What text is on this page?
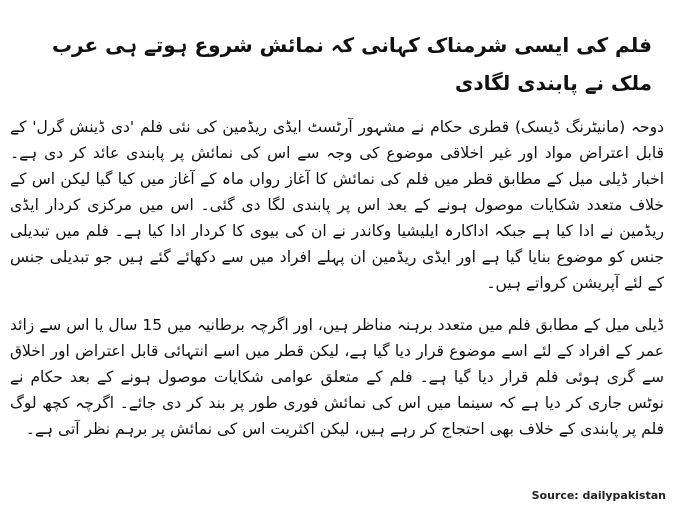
فلم کی ایسی شرمناک کہانی کہ نمائش شروع ہوتے ہی عرب ملک نے پابندی لگادی

دوحہ (مانیٹرنگ ڈیسک) قطری حکام نے مشہور آرٹسٹ ایڈی ریڈمین کی نئی فلم 'دی ڈینش گرل' کے قابل اعتراض مواد اور غیر اخلاقی موضوع کی وجہ سے اس کی نمائش پر پابندی عائد کر دی ہے۔ اخبار ڈیلی میل کے مطابق قطر میں فلم کی نمائش کا آغاز رواں ماہ کے آغاز میں کیا گیا لیکن اس کے خلاف متعدد شکایات موصول ہونے کے بعد اس پر پابندی لگا دی گئی۔ اس میں مرکزی کردار ایڈی ریڈمین نے ادا کیا ہے جبکہ اداکارہ ایلیشیا وکاندر نے ان کی بیوی کا کردار ادا کیا ہے۔ فلم میں تبدیلی جنس کو موضوع بنایا گیا ہے اور ایڈی ریڈمین ان پہلے افراد میں سے دکھائے گئے ہیں جو تبدیلی جنس کے لئے آپریشن کرواتے ہیں۔

ڈیلی میل کے مطابق فلم میں متعدد برہنہ مناظر ہیں، اور اگرچہ برطانیہ میں 15 سال یا اس سے زائد عمر کے افراد کے لئے اسے موضوع قرار دیا گیا ہے، لیکن قطر میں اسے انتہائی قابل اعتراض اور اخلاق سے گری ہوئی فلم قرار دیا گیا ہے۔ فلم کے متعلق عوامی شکایات موصول ہونے کے بعد حکام نے نوٹس جاری کر دیا ہے کہ سینما میں اس کی نمائش فوری طور پر بند کر دی جائے۔ اگرچہ کچھ لوگ فلم پر پابندی کے خلاف بھی احتجاج کر رہے ہیں، لیکن اکثریت اس کی نمائش پر برہم نظر آتی ہے۔

Source: dailypakistan
